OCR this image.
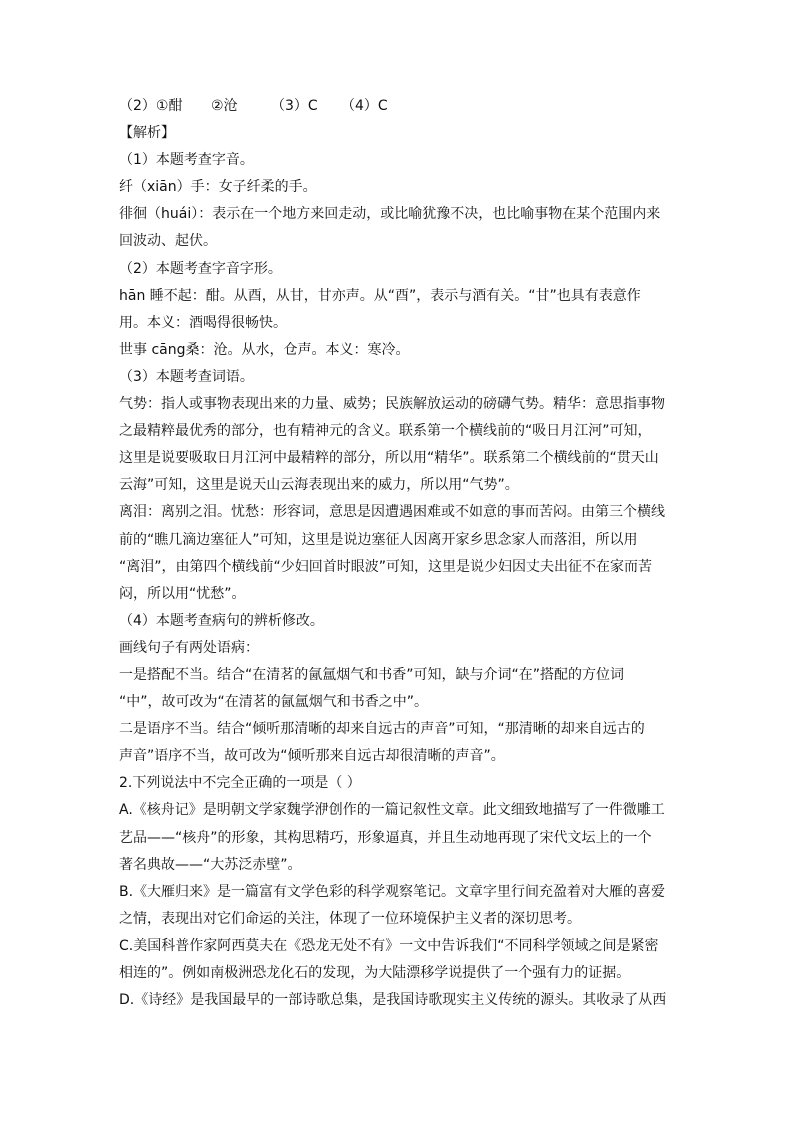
（2）①酣 ②沧 （3）C （4）C
【解析】
（1）本题考查字音。
纤（xiān）手：女子纤柔的手。
徘徊（huái）：表示在一个地方来回走动，或比喻犹豫不决，也比喻事物在某个范围内来
回波动、起伏。
（2）本题考查字音字形。
hān 睡不起：酣。从酉，从甘，甘亦声。从“酉”，表示与酒有关。“甘”也具有表意作
用。本义：酒喝得很畅快。
世事 cāng桑：沧。从水，仓声。本义：寒冷。
（3）本题考查词语。
气势：指人或事物表现出来的力量、威势；民族解放运动的磅礴气势。精华：意思指事物
之最精粹最优秀的部分，也有精神元的含义。联系第一个横线前的“吸日月江河”可知，
这里是说要吸取日月江河中最精粹的部分，所以用“精华”。联系第二个横线前的“贯天山
云海”可知，这里是说天山云海表现出来的威力，所以用“气势”。
离泪：离别之泪。忧愁：形容词，意思是因遭遇困难或不如意的事而苦闷。由第三个横线
前的“瞧几滴边塞征人”可知，这里是说边塞征人因离开家乡思念家人而落泪，所以用
“离泪”，由第四个横线前“少妇回首时眼波”可知，这里是说少妇因丈夫出征不在家而苦
闷，所以用“忧愁”。
（4）本题考查病句的辨析修改。
画线句子有两处语病：
一是搭配不当。结合“在清茗的氤氲烟气和书香”可知，缺与介词“在”搭配的方位词
“中”，故可改为“在清茗的氤氲烟气和书香之中”。
二是语序不当。结合“倾听那清晰的却来自远古的声音”可知，“那清晰的却来自远古的
声音”语序不当，故可改为“倾听那来自远古却很清晰的声音”。
2.下列说法中不完全正确的一项是（ ）
A.《核舟记》是明朝文学家魏学洢创作的一篇记叙性文章。此文细致地描写了一件微雕工
艺品——“核舟”的形象，其构思精巧，形象逼真，并且生动地再现了宋代文坛上的一个
著名典故——“大苏泛赤壁”。
B.《大雁归来》是一篇富有文学色彩的科学观察笔记。文章字里行间充盈着对大雁的喜爱
之情，表现出对它们命运的关注，体现了一位环境保护主义者的深切思考。
C.美国科普作家阿西莫夫在《恐龙无处不有》一文中告诉我们“不同科学领域之间是紧密
相连的”。例如南极洲恐龙化石的发现，为大陆漂移学说提供了一个强有力的证据。
D.《诗经》是我国最早的一部诗歌总集，是我国诗歌现实主义传统的源头。其收录了从西
